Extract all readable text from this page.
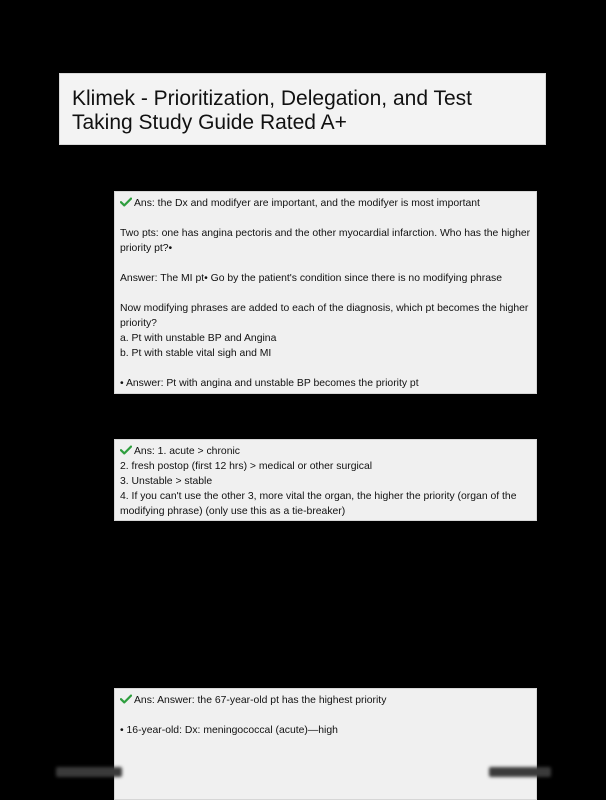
Klimek - Prioritization, Delegation, and Test Taking Study Guide Rated A+
Ans: the Dx and modifyer are important, and the modifyer is most important
Two pts: one has angina pectoris and the other myocardial infarction. Who has the higher priority pt?•
Answer: The MI pt• Go by the patient's condition since there is no modifying phrase
Now modifying phrases are added to each of the diagnosis, which pt becomes the higher priority?
a. Pt with unstable BP and Angina
b. Pt with stable vital sigh and MI
• Answer: Pt with angina and unstable BP becomes the priority pt
Ans: 1. acute > chronic
2. fresh postop (first 12 hrs) > medical or other surgical
3. Unstable > stable
4. If you can't use the other 3, more vital the organ, the higher the priority (organ of the modifying phrase) (only use this as a tie-breaker)
Ans: Answer: the 67-year-old pt has the highest priority
• 16-year-old: Dx: meningococcal (acute)—high
